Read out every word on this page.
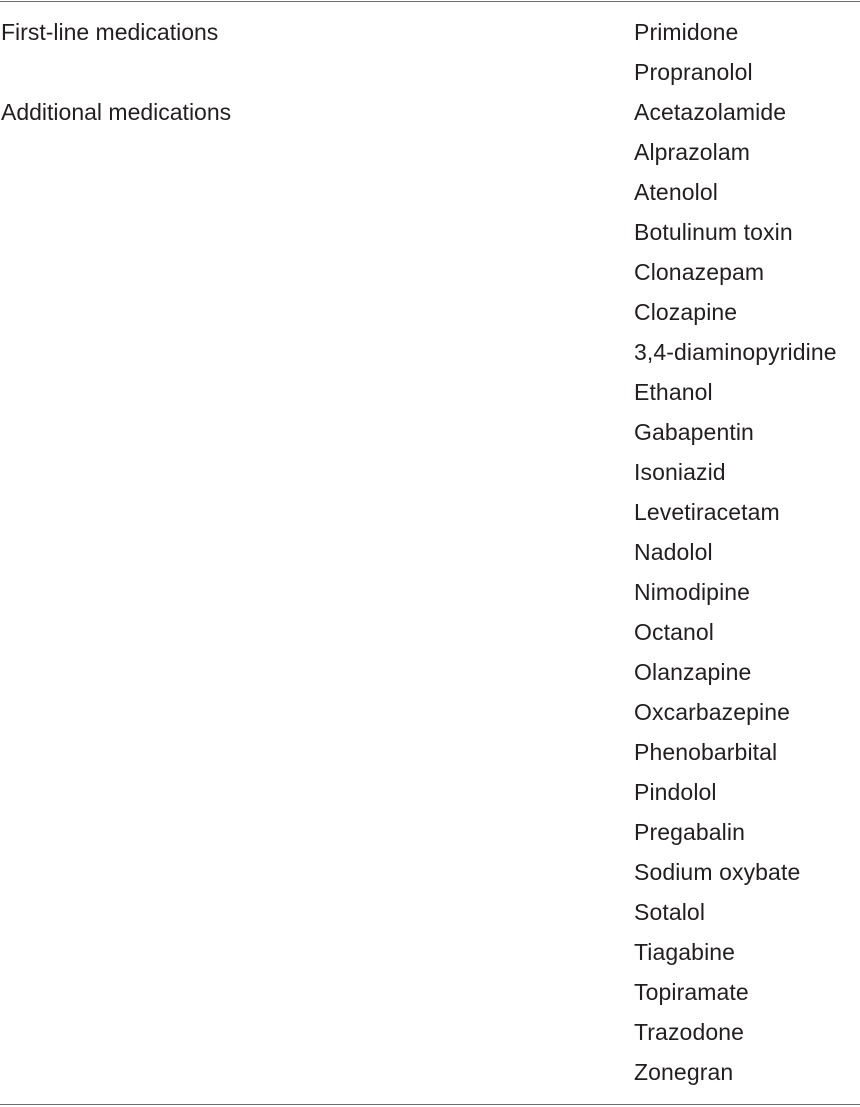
First-line medications	Primidone
Propranolol
Additional medications	Acetazolamide
Alprazolam
Atenolol
Botulinum toxin
Clonazepam
Clozapine
3,4-diaminopyridine
Ethanol
Gabapentin
Isoniazid
Levetiracetam
Nadolol
Nimodipine
Octanol
Olanzapine
Oxcarbazepine
Phenobarbital
Pindolol
Pregabalin
Sodium oxybate
Sotalol
Tiagabine
Topiramate
Trazodone
Zonegran
